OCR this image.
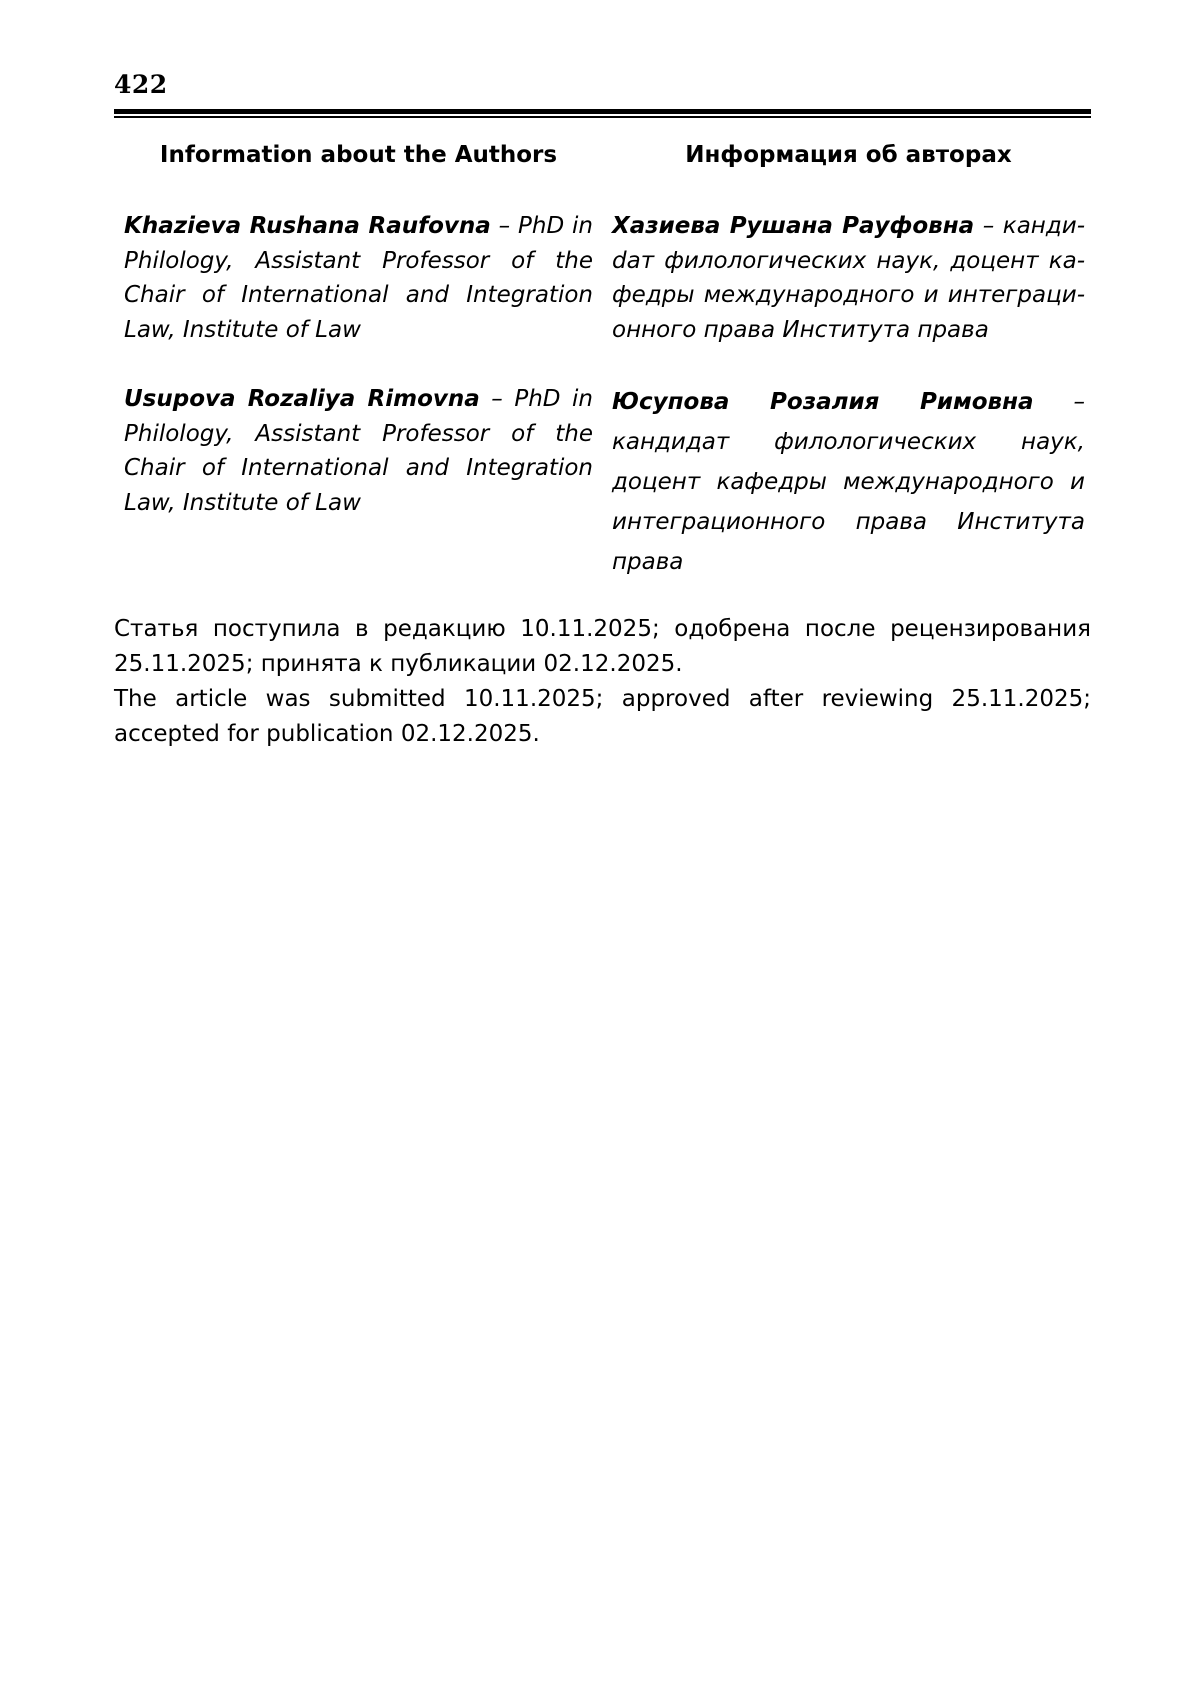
422
Information about the Authors
Khazieva Rushana Raufovna – PhD in Philology, Assistant Professor of the Chair of International and Integration Law, Institute of Law
Usupova Rozaliya Rimovna – PhD in Philology, Assistant Professor of the Chair of International and Integration Law, Institute of Law
Информация об авторах
Хазиева Рушана Рауфовна – кандиdат филологических наук, доцент кафедры международного и интеграционного права Института права
Юсупова Розалия Римовна –кандидат филологических наук, доцент кафедры международного и интеграционного права Института права

Статья поступила в редакцию 10.11.2025; одобрена после рецензирования 25.11.2025; принята к публикации 02.12.2025.

The article was submitted 10.11.2025; approved after reviewing 25.11.2025; accepted for publication 02.12.2025.
